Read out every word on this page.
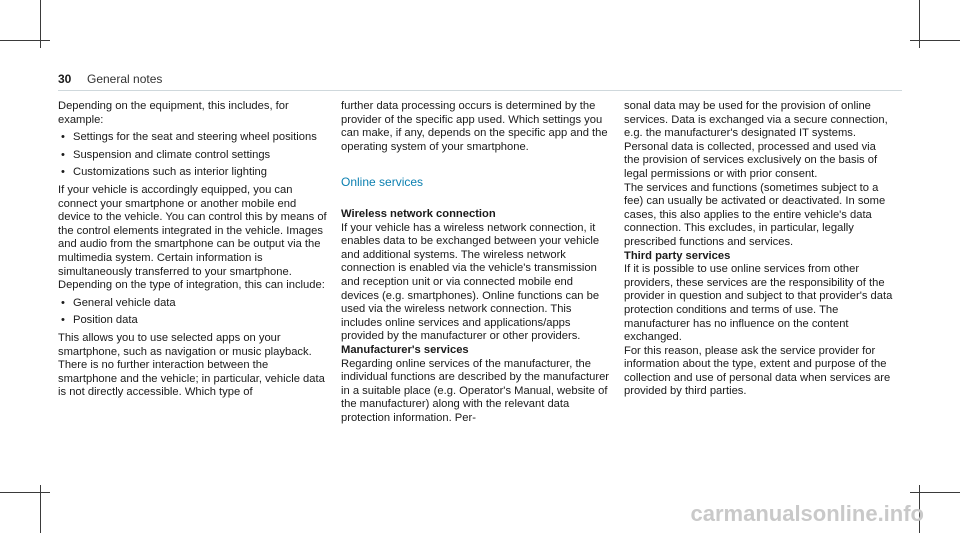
30 General notes

Depending on the equipment, this includes, for example:

• Settings for the seat and steering wheel positions
• Suspension and climate control settings
• Customizations such as interior lighting

If your vehicle is accordingly equipped, you can connect your smartphone or another mobile end device to the vehicle. You can control this by means of the control elements integrated in the vehicle. Images and audio from the smartphone can be output via the multimedia system. Certain information is simultaneously transferred to your smartphone.

Depending on the type of integration, this can include:

• General vehicle data
• Position data

This allows you to use selected apps on your smartphone, such as navigation or music playback. There is no further interaction between the smartphone and the vehicle; in particular, vehicle data is not directly accessible. Which type of

further data processing occurs is determined by the provider of the specific app used. Which settings you can make, if any, depends on the specific app and the operating system of your smartphone.

Online services

Wireless network connection

If your vehicle has a wireless network connection, it enables data to be exchanged between your vehicle and additional systems. The wireless network connection is enabled via the vehicle's transmission and reception unit or via connected mobile end devices (e.g. smartphones). Online functions can be used via the wireless network connection. This includes online services and applications/apps provided by the manufacturer or other providers.

Manufacturer's services

Regarding online services of the manufacturer, the individual functions are described by the manufacturer in a suitable place (e.g. Operator's Manual, website of the manufacturer) along with the relevant data protection information. Per-

sonal data may be used for the provision of online services. Data is exchanged via a secure connection, e.g. the manufacturer's designated IT systems. Personal data is collected, processed and used via the provision of services exclusively on the basis of legal permissions or with prior consent.

The services and functions (sometimes subject to a fee) can usually be activated or deactivated. In some cases, this also applies to the entire vehicle's data connection. This excludes, in particular, legally prescribed functions and services.

Third party services

If it is possible to use online services from other providers, these services are the responsibility of the provider in question and subject to that provider's data protection conditions and terms of use. The manufacturer has no influence on the content exchanged.

For this reason, please ask the service provider for information about the type, extent and purpose of the collection and use of personal data when services are provided by third parties.

carmanualsonline.info
